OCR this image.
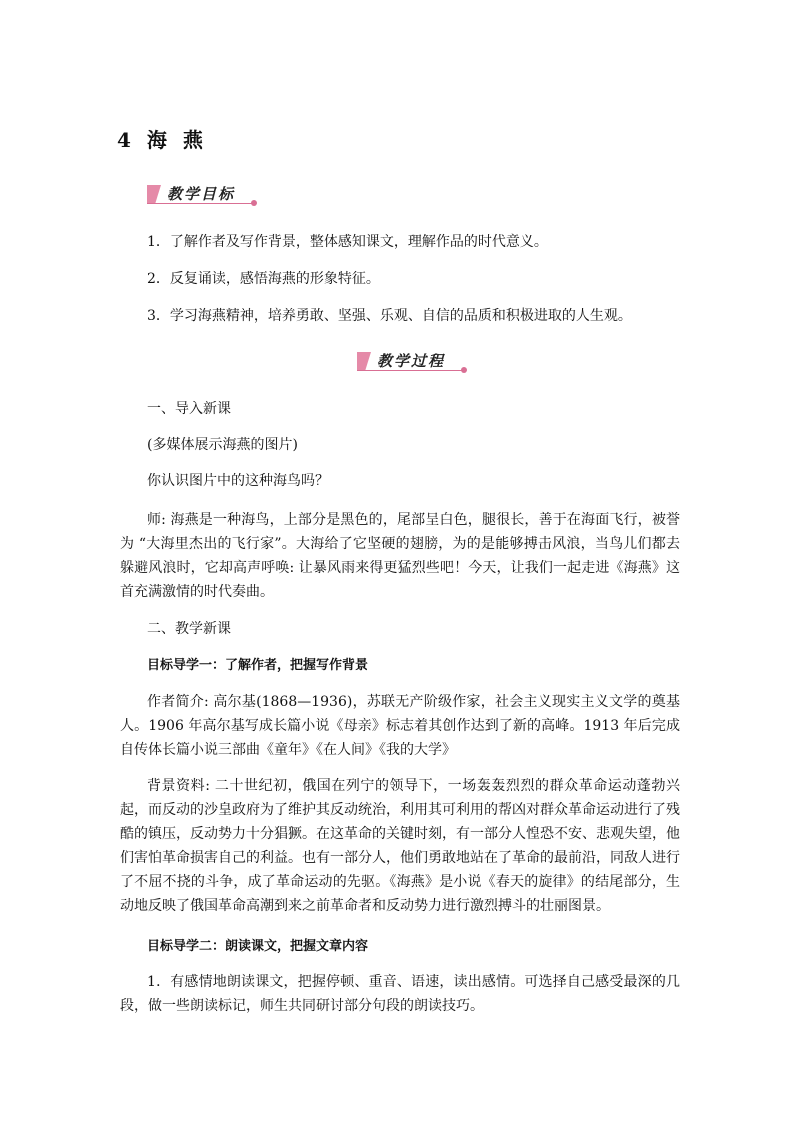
4 海 燕
教学目标
1．了解作者及写作背景，整体感知课文，理解作品的时代意义。
2．反复诵读，感悟海燕的形象特征。
3．学习海燕精神，培养勇敢、坚强、乐观、自信的品质和积极进取的人生观。
教学过程
一、导入新课
(多媒体展示海燕的图片)
你认识图片中的这种海鸟吗？
师: 海燕是一种海鸟，上部分是黑色的，尾部呈白色，腿很长，善于在海面飞行，被誉为 “大海里杰出的飞行家”。大海给了它坚硬的翅膀，为的是能够搏击风浪，当鸟儿们都去躲避风浪时，它却高声呼唤: 让暴风雨来得更猛烈些吧！今天，让我们一起走进《海燕》这首充满激情的时代奏曲。
二、教学新课
目标导学一：了解作者，把握写作背景
作者简介: 高尔基(1868—1936)，苏联无产阶级作家，社会主义现实主义文学的奠基人。1906 年高尔基写成长篇小说《母亲》标志着其创作达到了新的高峰。1913 年后完成自传体长篇小说三部曲《童年》《在人间》《我的大学》
背景资料: 二十世纪初，俄国在列宁的领导下，一场轰轰烈烈的群众革命运动蓬勃兴起，而反动的沙皇政府为了维护其反动统治，利用其可利用的帮凶对群众革命运动进行了残酷的镇压，反动势力十分猖獗。在这革命的关键时刻，有一部分人惶恐不安、悲观失望，他们害怕革命损害自己的利益。也有一部分人，他们勇敢地站在了革命的最前沿，同敌人进行了不屈不挠的斗争，成了革命运动的先驱。《海燕》是小说《春天的旋律》的结尾部分，生动地反映了俄国革命高潮到来之前革命者和反动势力进行激烈搏斗的壮丽图景。
目标导学二：朗读课文，把握文章内容
1．有感情地朗读课文，把握停顿、重音、语速，读出感情。可选择自己感受最深的几段，做一些朗读标记，师生共同研讨部分句段的朗读技巧。
